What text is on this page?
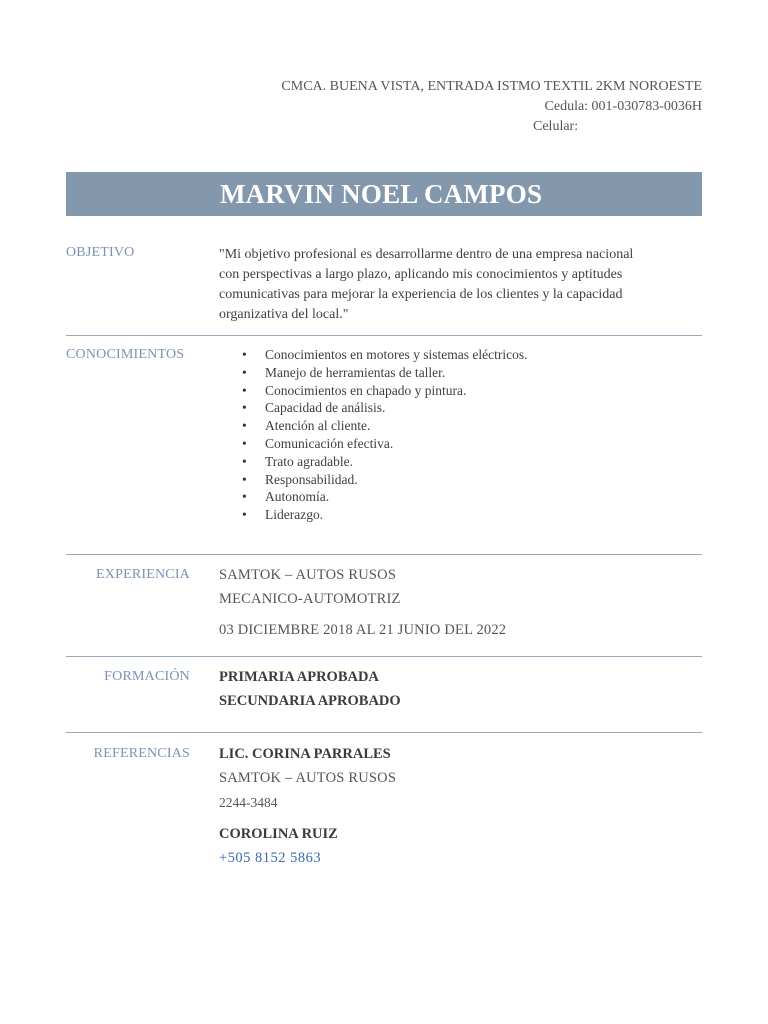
CMCA. BUENA VISTA, ENTRADA ISTMO TEXTIL 2KM NOROESTE
Cedula: 001-030783-0036H
Celular:
MARVIN NOEL CAMPOS
OBJETIVO	"Mi objetivo profesional es desarrollarme dentro de una empresa nacional
con perspectivas a largo plazo, aplicando mis conocimientos y aptitudes
comunicativas para mejorar la experiencia de los clientes y la capacidad
organizativa del local."
CONOCIMIENTOS
•	Conocimientos en motores y sistemas eléctricos.
• Manejo de herramientas de taller.
• Conocimientos en chapado y pintura.
• Capacidad de análisis.
• Atención al cliente.
• Comunicación efectiva.
• Trato agradable.
• Responsabilidad.
• Autonomía.
• Liderazgo.
EXPERIENCIA SAMTOK – AUTOS RUSOS
MECANICO-AUTOMOTRIZ
03 DICIEMBRE 2018 AL 21 JUNIO DEL 2022
FORMACIÓN PRIMARIA APROBADA
SECUNDARIA APROBADO
REFERENCIAS LIC. CORINA PARRALES
SAMTOK – AUTOS RUSOS
2244-3484
COROLINA RUIZ
+505 8152 5863
